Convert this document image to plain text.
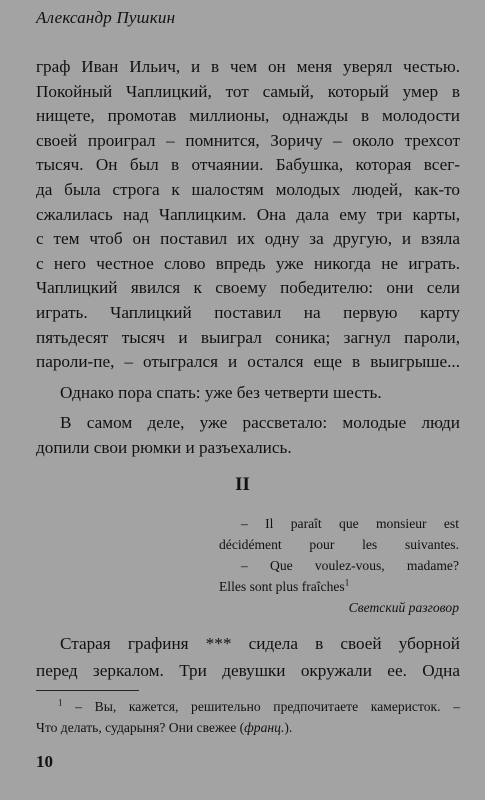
Александр Пушкин
граф Иван Ильич, и в чем он меня уверял честью.
Покойный Чаплицкий, тот самый, который умер в
нищете, промотав миллионы, однажды в молодости
своей проиграл – помнится, Зоричу – около трехсот
тысяч. Он был в отчаянии. Бабушка, которая всег-
да была строга к шалостям молодых людей, как-то
сжалилась над Чаплицким. Она дала ему три карты,
с тем чтоб он поставил их одну за другую, и взяла
с него честное слово впредь уже никогда не играть.
Чаплицкий явился к своему победителю: они сели
играть. Чаплицкий поставил на первую карту
пятьдесят тысяч и выиграл соника; загнул пароли,
пароли-пе, – отыгрался и остался еще в выигрыше...
Однако пора спать: уже без четверти шесть.
В самом деле, уже рассветало: молодые люди
допили свои рюмки и разъехались.
II
– Il paraît que monsieur est
décidément pour les suivantes.
– Que voulez-vous, madame?
Elles sont plus fraîches$^1$
Светский разговор
Старая графиня *** сидела в своей уборной
перед зеркалом. Три девушки окружали ее. Одна
$^1$ – Вы, кажется, решительно предпочитаете камеристок. –
Что делать, сударыня? Они свежее (франц.).
10
